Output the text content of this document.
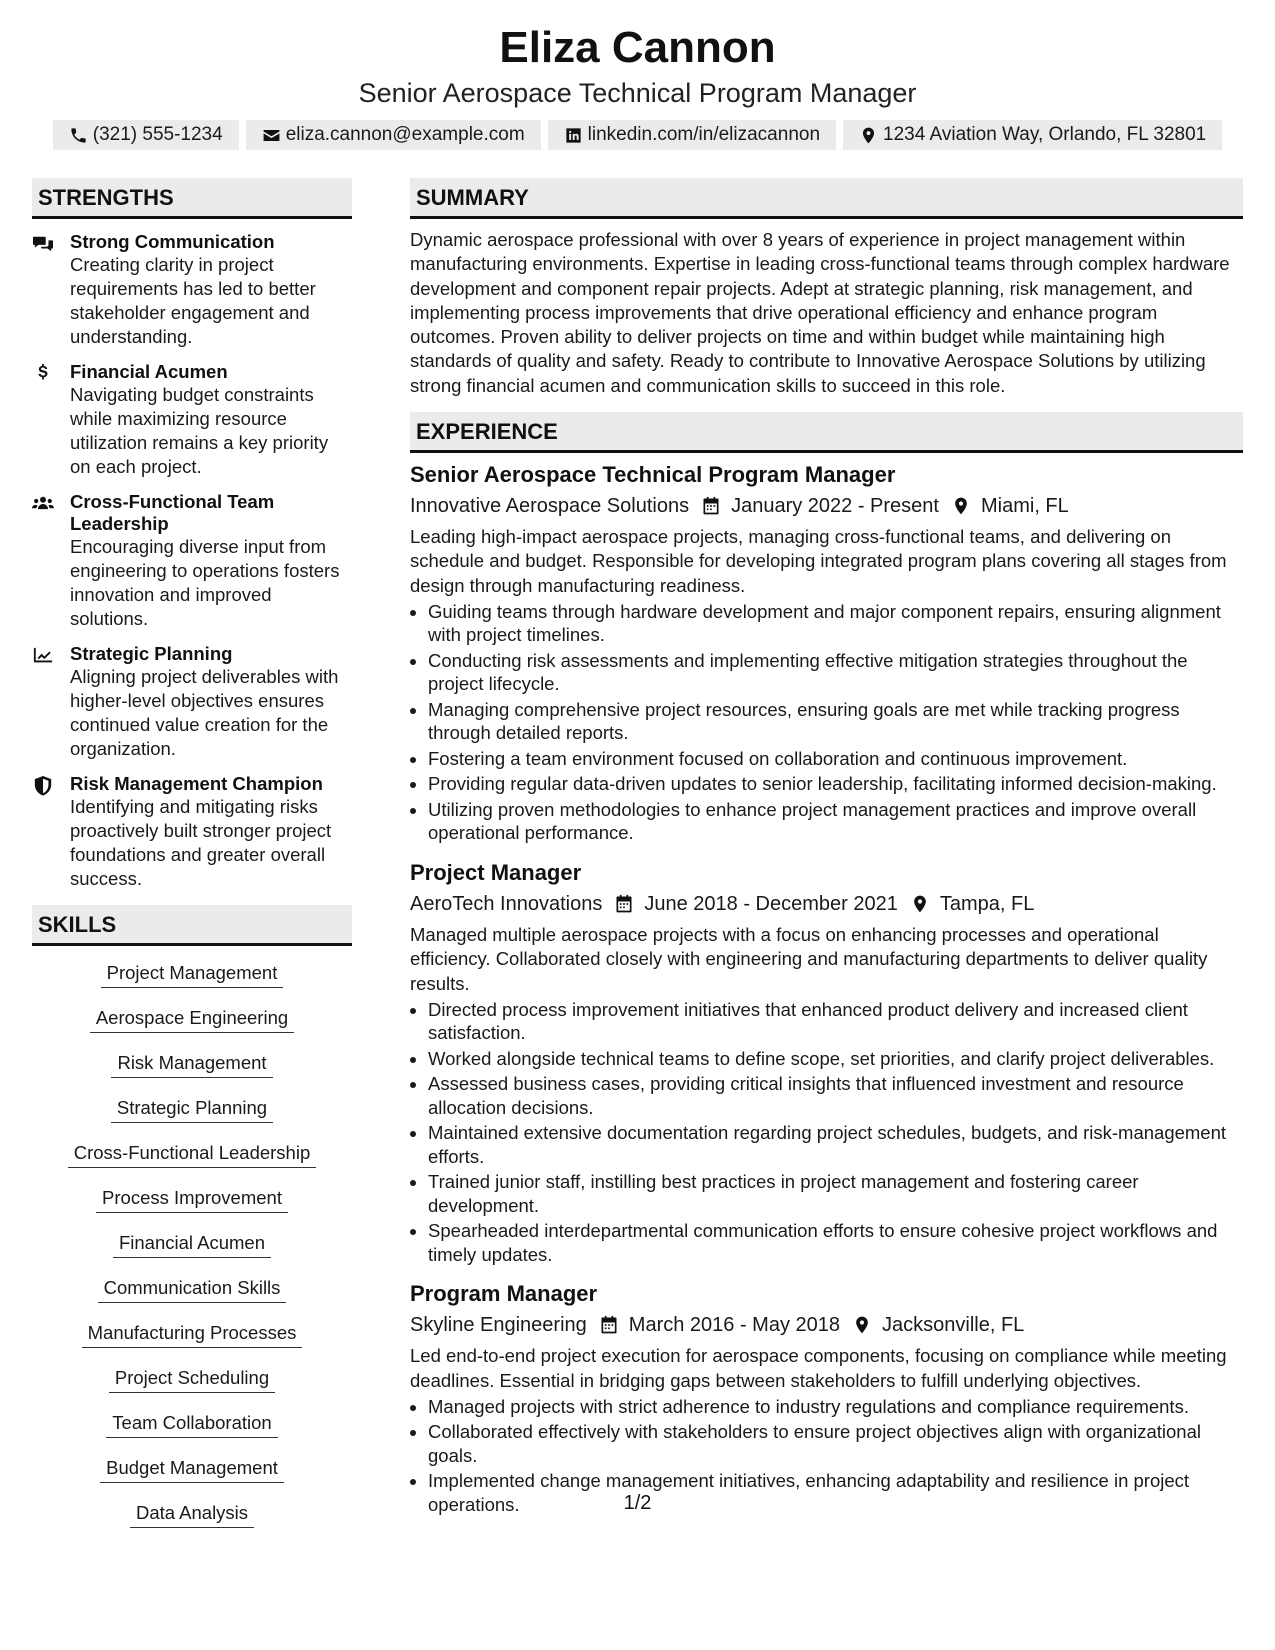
Eliza Cannon
Senior Aerospace Technical Program Manager
(321) 555-1234	eliza.cannon@example.com	linkedin.com/in/elizacannon	1234 Aviation Way, Orlando, FL 32801
STRENGTHS
Strong Communication
Creating clarity in project requirements has led to better stakeholder engagement and understanding.
Financial Acumen
Navigating budget constraints while maximizing resource utilization remains a key priority on each project.
Cross-Functional Team Leadership
Encouraging diverse input from engineering to operations fosters innovation and improved solutions.
Strategic Planning
Aligning project deliverables with higher-level objectives ensures continued value creation for the organization.
Risk Management Champion
Identifying and mitigating risks proactively built stronger project foundations and greater overall success.
SKILLS
Project Management
Aerospace Engineering
Risk Management
Strategic Planning
Cross-Functional Leadership
Process Improvement
Financial Acumen
Communication Skills
Manufacturing Processes
Project Scheduling
Team Collaboration
Budget Management
Data Analysis
SUMMARY
Dynamic aerospace professional with over 8 years of experience in project management within manufacturing environments. Expertise in leading cross-functional teams through complex hardware development and component repair projects. Adept at strategic planning, risk management, and implementing process improvements that drive operational efficiency and enhance program outcomes. Proven ability to deliver projects on time and within budget while maintaining high standards of quality and safety. Ready to contribute to Innovative Aerospace Solutions by utilizing strong financial acumen and communication skills to succeed in this role.
EXPERIENCE
Senior Aerospace Technical Program Manager
Innovative Aerospace Solutions January 2022 - Present Miami, FL
Leading high-impact aerospace projects, managing cross-functional teams, and delivering on schedule and budget. Responsible for developing integrated program plans covering all stages from design through manufacturing readiness.
• Guiding teams through hardware development and major component repairs, ensuring alignment with project timelines.
• Conducting risk assessments and implementing effective mitigation strategies throughout the project lifecycle.
• Managing comprehensive project resources, ensuring goals are met while tracking progress through detailed reports.
• Fostering a team environment focused on collaboration and continuous improvement.
• Providing regular data-driven updates to senior leadership, facilitating informed decision-making.
• Utilizing proven methodologies to enhance project management practices and improve overall operational performance.
Project Manager
AeroTech Innovations June 2018 - December 2021 Tampa, FL
Managed multiple aerospace projects with a focus on enhancing processes and operational efficiency. Collaborated closely with engineering and manufacturing departments to deliver quality results.
• Directed process improvement initiatives that enhanced product delivery and increased client satisfaction.
• Worked alongside technical teams to define scope, set priorities, and clarify project deliverables.
• Assessed business cases, providing critical insights that influenced investment and resource allocation decisions.
• Maintained extensive documentation regarding project schedules, budgets, and risk-management efforts.
• Trained junior staff, instilling best practices in project management and fostering career development.
• Spearheaded interdepartmental communication efforts to ensure cohesive project workflows and timely updates.
Program Manager
Skyline Engineering March 2016 - May 2018 Jacksonville, FL
Led end-to-end project execution for aerospace components, focusing on compliance while meeting deadlines. Essential in bridging gaps between stakeholders to fulfill underlying objectives.
• Managed projects with strict adherence to industry regulations and compliance requirements.
• Collaborated effectively with stakeholders to ensure project objectives align with organizational goals.
• Implemented change management initiatives, enhancing adaptability and resilience in project operations.	1/2
